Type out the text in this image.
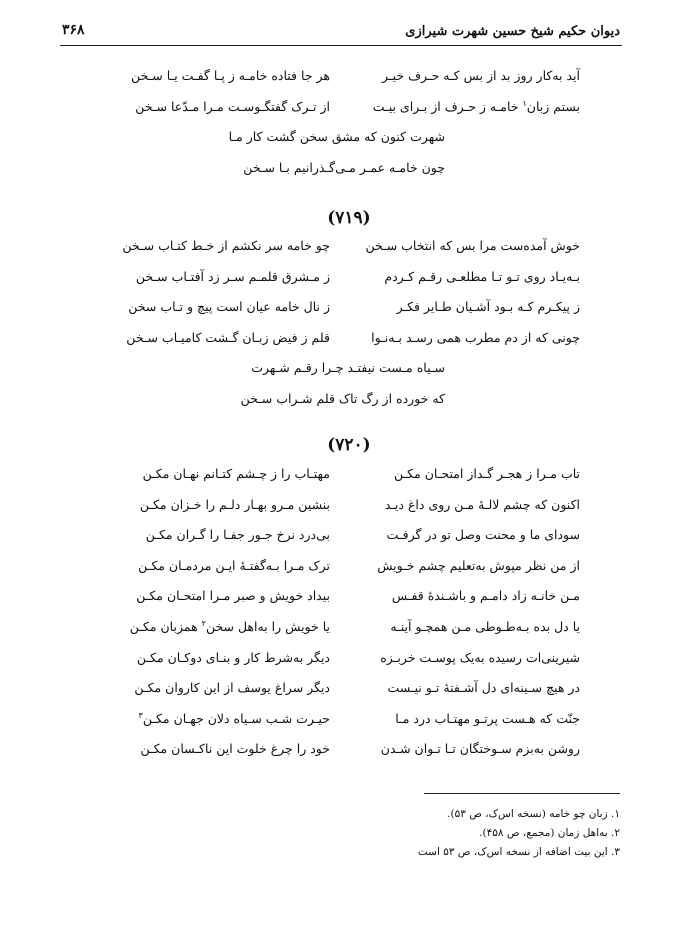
دیوان حکیم شیخ حسین شهرت شیرازی
۳۶۸
آید به‌کار روز بد از بس کـه حـرف خیـر
هر جا فتاده خامـه ز پـا گفـت یـا سـخن
بستم زبان$^۱$ خامـه ز حـرف از بـرای بیـت
از تـرک گفتگـوسـت مـرا مـدّعا سـخن
شهرت کنون که مشق سخن گشت کار مـا
چون خامـه عمـر مـی‌گـذرانیم بـا سـخن
(۷۱۹)
خوش آمده‌ست مرا بس که انتخاب سـخن
چو خامه سر نکشم از خـط کتـاب سـخن
بـه‌یـاد روی تـو تـا مطلعـی رقـم کـردم
ز مـشرق قلمـم سـر زد آفتـاب سـخن
ز پیکـرم کـه بـود آشـیان طـایر فکـر
ز نال خامه عیان است پیچ و تـاب سخن
چونی که از دم مطرب همی رسـد بـه‌نـوا
قلم ز فیض زبـان گـشت کامیـاب سـخن
سـیاه مـست نیفتـد چـرا رقـم شـهرت
که خورده از رگ تاک قلم شـراب سـخن
(۷۲۰)
تاب مـرا ز هجـر گـداز امتحـان مکـن
مهتـاب را ز چـشم کتـانم نهـان مکـن
اکنون که چشم لالـۀ مـن روی داغ دیـد
بنشین مـرو بهـار دلـم را خـزان مکـن
سودای ما و محنت وصل تو در گرفـت
بی‌درد نرخ جـور جفـا را گـران مکـن
از من نظر مپوش به‌تعلیم چشم خـویش
ترک مـرا بـه‌گفتـۀ ایـن مردمـان مکـن
مـن خانـه زاد دامـم و باشـندۀ قفـس
بیداد خویش و صبر مـرا امتحـان مکـن
یا دل بده بـه‌طـوطی مـن همچـو آینـه
یا خویش را به‌اهل سخن$^۲$ همزبان مکـن
شیرینی‌ات رسیده به‌یک پوسـت خربـزه
دیگر به‌شرط کار و بنـای دوکـان مکـن
در هیچ سـینه‌ای دل آشـفتۀ تـو نیـست
دیگر سراغ یوسف از این کاروان مکـن
جنّت که هـست پرتـو مهتـاب درد مـا
حیـرت شـب سـیاه دلان جهـان مکـن$^۳$
روشن به‌بزم سـوختگان تـا تـوان شـدن
خود را چرغ خلوت این ناکـسان مکـن
۱. زبان چو خامه (نسخه اس‌ک، ص ۵۳).
۲. به‌اهل زمان (مجمع، ص ۴۵۸).
۳. این بیت اضافه از نسخه اس‌ک، ص ۵۳ است
